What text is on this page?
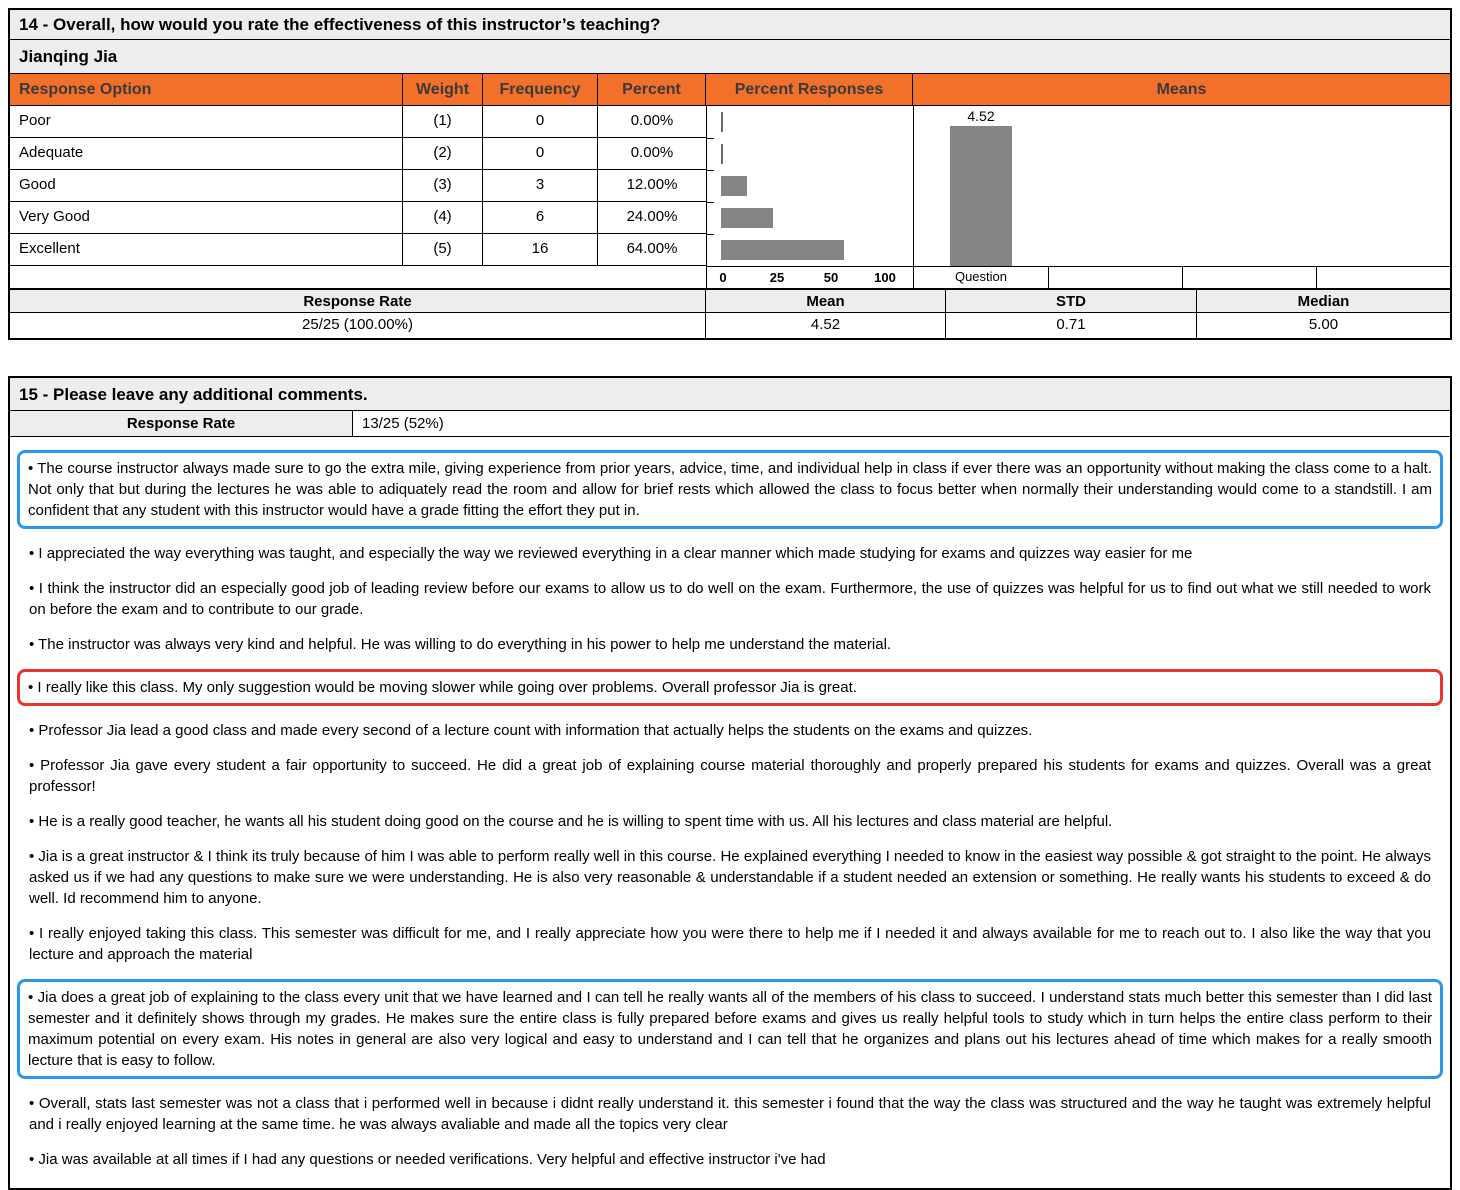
14 - Overall, how would you rate the effectiveness of this instructor’s teaching?
Jianqing Jia
Response Option	Weight	Frequency	Percent	Percent Responses	Means
Poor	(1)	0	0.00%
Adequate	(2)	0	0.00%
Good	(3)	3	12.00%
Very Good	(4)	6	24.00%
Excellent	(5)	16	64.00%
0	25	50	100
4.52
Question
Response Rate	Mean	STD	Median
25/25 (100.00%)	4.52	0.71	5.00
15 - Please leave any additional comments.
Response Rate	13/25 (52%)
• The course instructor always made sure to go the extra mile, giving experience from prior years, advice, time, and individual help in class if ever there was an opportunity without making the class come to a halt. Not only that but during the lectures he was able to adiquately read the room and allow for brief rests which allowed the class to focus better when normally their understanding would come to a standstill. I am confident that any student with this instructor would have a grade fitting the effort they put in.
• I appreciated the way everything was taught, and especially the way we reviewed everything in a clear manner which made studying for exams and quizzes way easier for me
• I think the instructor did an especially good job of leading review before our exams to allow us to do well on the exam. Furthermore, the use of quizzes was helpful for us to find out what we still needed to work on before the exam and to contribute to our grade.
• The instructor was always very kind and helpful. He was willing to do everything in his power to help me understand the material.
• I really like this class. My only suggestion would be moving slower while going over problems. Overall professor Jia is great.
• Professor Jia lead a good class and made every second of a lecture count with information that actually helps the students on the exams and quizzes.
• Professor Jia gave every student a fair opportunity to succeed. He did a great job of explaining course material thoroughly and properly prepared his students for exams and quizzes. Overall was a great professor!
• He is a really good teacher, he wants all his student doing good on the course and he is willing to spent time with us. All his lectures and class material are helpful.
• Jia is a great instructor & I think its truly because of him I was able to perform really well in this course. He explained everything I needed to know in the easiest way possible & got straight to the point. He always asked us if we had any questions to make sure we were understanding. He is also very reasonable & understandable if a student needed an extension or something. He really wants his students to exceed & do well. Id recommend him to anyone.
• I really enjoyed taking this class. This semester was difficult for me, and I really appreciate how you were there to help me if I needed it and always available for me to reach out to. I also like the way that you lecture and approach the material
• Jia does a great job of explaining to the class every unit that we have learned and I can tell he really wants all of the members of his class to succeed. I understand stats much better this semester than I did last semester and it definitely shows through my grades. He makes sure the entire class is fully prepared before exams and gives us really helpful tools to study which in turn helps the entire class perform to their maximum potential on every exam. His notes in general are also very logical and easy to understand and I can tell that he organizes and plans out his lectures ahead of time which makes for a really smooth lecture that is easy to follow.
• Overall, stats last semester was not a class that i performed well in because i didnt really understand it. this semester i found that the way the class was structured and the way he taught was extremely helpful and i really enjoyed learning at the same time. he was always avaliable and made all the topics very clear
• Jia was available at all times if I had any questions or needed verifications. Very helpful and effective instructor i've had
